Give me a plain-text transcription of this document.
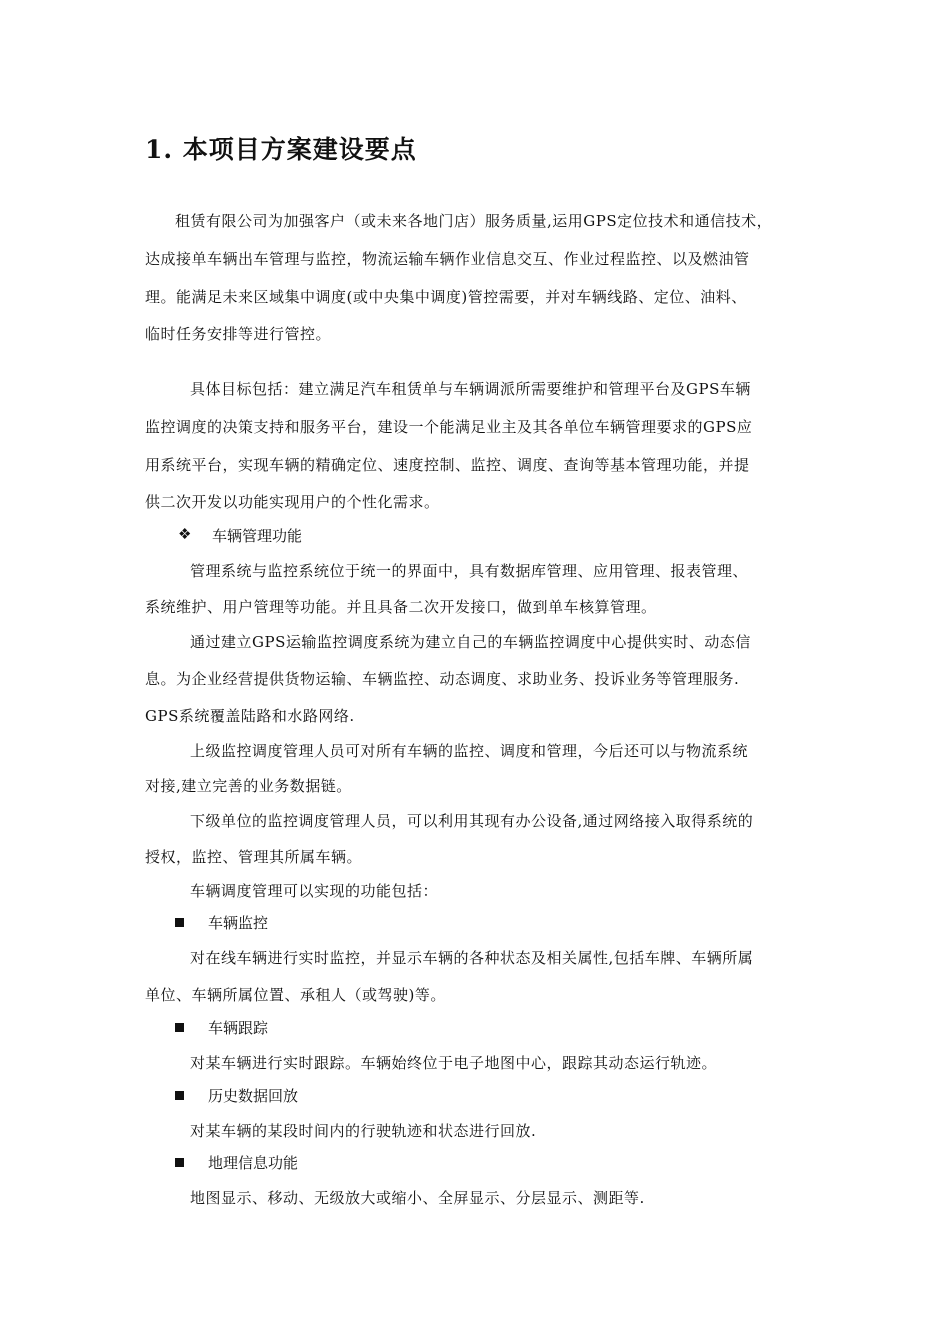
1. 本项目方案建设要点
租赁有限公司为加强客户（或未来各地门店）服务质量,运用GPS定位技术和通信技术，
达成接单车辆出车管理与监控，物流运输车辆作业信息交互、作业过程监控、以及燃油管
理。能满足未来区域集中调度(或中央集中调度)管控需要，并对车辆线路、定位、油料、
临时任务安排等进行管控。
具体目标包括：建立满足汽车租赁单与车辆调派所需要维护和管理平台及GPS车辆
监控调度的决策支持和服务平台，建设一个能满足业主及其各单位车辆管理要求的GPS应
用系统平台，实现车辆的精确定位、速度控制、监控、调度、查询等基本管理功能，并提
供二次开发以功能实现用户的个性化需求。
❖ 车辆管理功能
管理系统与监控系统位于统一的界面中，具有数据库管理、应用管理、报表管理、
系统维护、用户管理等功能。并且具备二次开发接口，做到单车核算管理。
通过建立GPS运输监控调度系统为建立自己的车辆监控调度中心提供实时、动态信
息。为企业经营提供货物运输、车辆监控、动态调度、求助业务、投诉业务等管理服务.
GPS系统覆盖陆路和水路网络.
上级监控调度管理人员可对所有车辆的监控、调度和管理，今后还可以与物流系统
对接,建立完善的业务数据链。
下级单位的监控调度管理人员，可以利用其现有办公设备,通过网络接入取得系统的
授权，监控、管理其所属车辆。
车辆调度管理可以实现的功能包括：
车辆监控
对在线车辆进行实时监控，并显示车辆的各种状态及相关属性,包括车牌、车辆所属
单位、车辆所属位置、承租人（或驾驶)等。
车辆跟踪
对某车辆进行实时跟踪。车辆始终位于电子地图中心，跟踪其动态运行轨迹。
历史数据回放
对某车辆的某段时间内的行驶轨迹和状态进行回放.
地理信息功能
地图显示、移动、无级放大或缩小、全屏显示、分层显示、测距等.
